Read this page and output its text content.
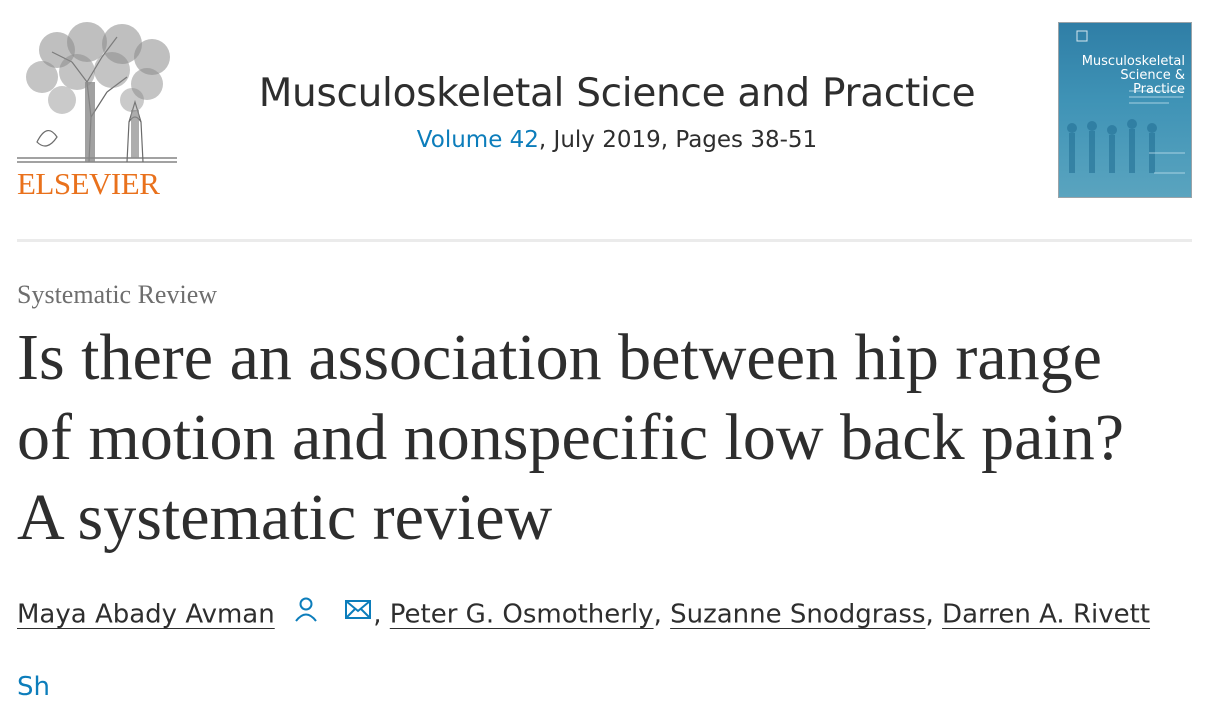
ELSEVIER
Musculoskeletal Science and Practice
Volume 42, July 2019, Pages 38-51
Musculoskeletal
Science & Practice
Systematic Review
Is there an association between hip range
of motion and nonspecific low back pain?
A systematic review
Maya Abady Avman	, Peter G. Osmotherly, Suzanne Snodgrass, Darren A. Rivett
Sh
